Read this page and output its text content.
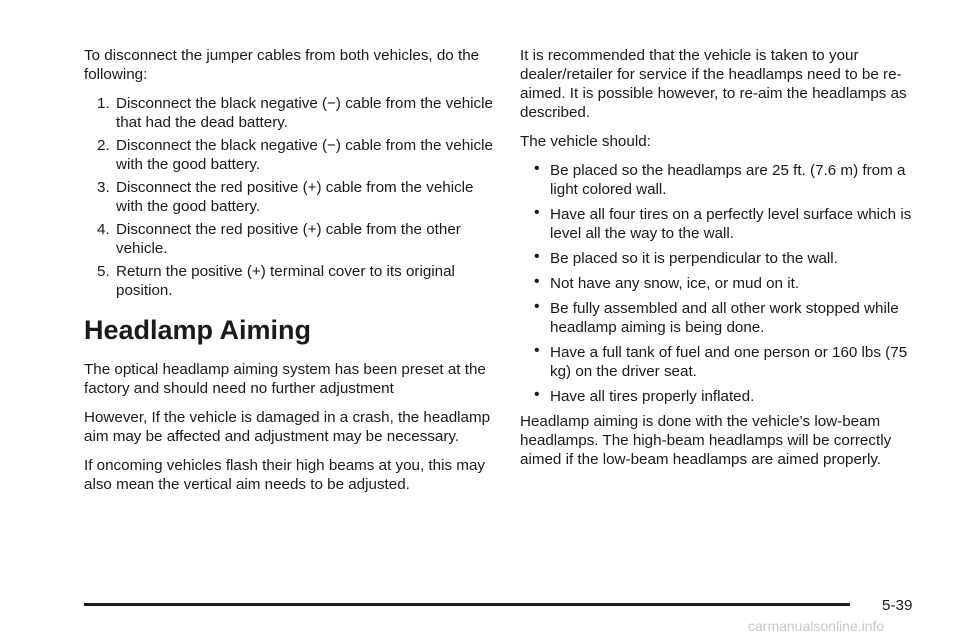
To disconnect the jumper cables from both vehicles, do the following:

1. Disconnect the black negative (−) cable from the vehicle that had the dead battery.
2. Disconnect the black negative (−) cable from the vehicle with the good battery.
3. Disconnect the red positive (+) cable from the vehicle with the good battery.
4. Disconnect the red positive (+) cable from the other vehicle.
5. Return the positive (+) terminal cover to its original position.
Headlamp Aiming

The optical headlamp aiming system has been preset at the factory and should need no further adjustment

However, If the vehicle is damaged in a crash, the headlamp aim may be affected and adjustment may be necessary.

If oncoming vehicles flash their high beams at you, this may also mean the vertical aim needs to be adjusted.

It is recommended that the vehicle is taken to your dealer/retailer for service if the headlamps need to be re-aimed. It is possible however, to re-aim the headlamps as described.

The vehicle should:

• Be placed so the headlamps are 25 ft. (7.6 m) from a light colored wall.
• Have all four tires on a perfectly level surface which is level all the way to the wall.
• Be placed so it is perpendicular to the wall.
• Not have any snow, ice, or mud on it.
• Be fully assembled and all other work stopped while headlamp aiming is being done.
• Have a full tank of fuel and one person or 160 lbs (75 kg) on the driver seat.
• Have all tires properly inflated.

Headlamp aiming is done with the vehicle’s low-beam headlamps. The high-beam headlamps will be correctly aimed if the low-beam headlamps are aimed properly.

5-39
carmanualsonline.info
